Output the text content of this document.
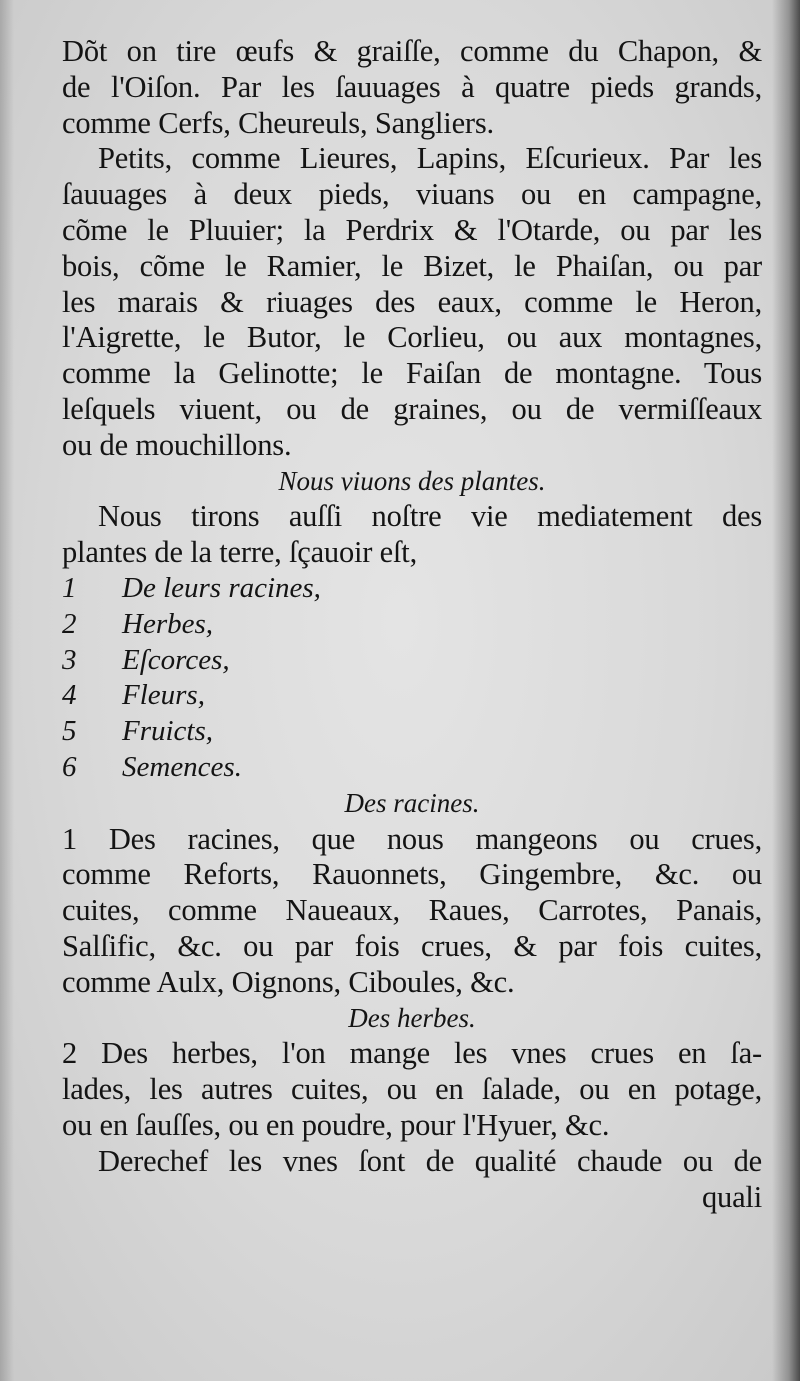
Dõt on tire œufs & graiſſe, comme du Chapon, &
de l'Oiſon. Par les ſauuages à quatre pieds grands,
comme Cerfs, Cheureuls, Sangliers.
Petits, comme Lieures, Lapins, Eſcurieux. Par les
ſauuages à deux pieds, viuans ou en campagne,
cõme le Pluuier; la Perdrix & l'Otarde, ou par les
bois, cõme le Ramier, le Bizet, le Phaiſan, ou par
les marais & riuages des eaux, comme le Heron,
l'Aigrette, le Butor, le Corlieu, ou aux montagnes,
comme la Gelinotte; le Faiſan de montagne. Tous
leſquels viuent, ou de graines, ou de vermiſſeaux
ou de mouchillons.
Nous viuons des plantes.
Nous tirons auſſi noſtre vie mediatement des
plantes de la terre, ſçauoir eſt,
1	De leurs racines,
2	Herbes,
3	Eſcorces,
4	Fleurs,
5	Fruicts,
6	Semences.
Des racines.
1 Des racines, que nous mangeons ou crues,
comme Reforts, Rauonnets, Gingembre, &c. ou
cuites, comme Naueaux, Raues, Carrotes, Panais,
Salſific, &c. ou par fois crues, & par fois cuites,
comme Aulx, Oignons, Ciboules, &c.
Des herbes.
2 Des herbes, l'on mange les vnes crues en ſa-
lades, les autres cuites, ou en ſalade, ou en potage,
ou en ſauſſes, ou en poudre, pour l'Hyuer, &c.
Derechef les vnes ſont de qualité chaude ou de
quali
